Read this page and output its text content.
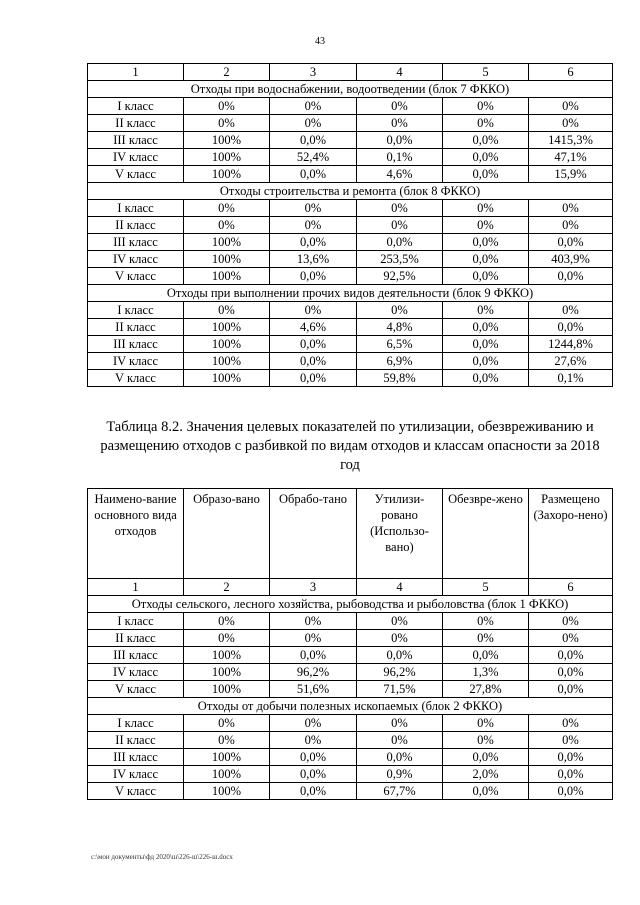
43
1	2	3	4	5	6
Отходы при водоснабжении, водоотведении (блок 7 ФККО)					
I класс	0%	0%	0%	0%	0%
II класс	0%	0%	0%	0%	0%
III класс	100%	0,0%	0,0%	0,0%	1415,3%
IV класс	100%	52,4%	0,1%	0,0%	47,1%
V класс	100%	0,0%	4,6%	0,0%	15,9%
Отходы строительства и ремонта (блок 8 ФККО)					
I класс	0%	0%	0%	0%	0%
II класс	0%	0%	0%	0%	0%
III класс	100%	0,0%	0,0%	0,0%	0,0%
IV класс	100%	13,6%	253,5%	0,0%	403,9%
V класс	100%	0,0%	92,5%	0,0%	0,0%
Отходы при выполнении прочих видов деятельности (блок 9 ФККО)					
I класс	0%	0%	0%	0%	0%
II класс	100%	4,6%	4,8%	0,0%	0,0%
III класс	100%	0,0%	6,5%	0,0%	1244,8%
IV класс	100%	0,0%	6,9%	0,0%	27,6%
V класс	100%	0,0%	59,8%	0,0%	0,1%
Таблица 8.2. Значения целевых показателей по утилизации, обезвреживанию и размещению отходов с разбивкой по видам отходов и классам опасности за 2018 год
Наимено-вание основного вида отходов	Образо-вано	Обрабо-тано	Утилизи-ровано (Использо-вано)	Обезвре-жено	Размещено (Захоро-нено)
1	2	3	4	5	6
Отходы сельского, лесного хозяйства, рыбоводства и рыболовства (блок 1 ФККО)					
I класс	0%	0%	0%	0%	0%
II класс	0%	0%	0%	0%	0%
III класс	100%	0,0%	0,0%	0,0%	0,0%
IV класс	100%	96,2%	96,2%	1,3%	0,0%
V класс	100%	51,6%	71,5%	27,8%	0,0%
Отходы от добычи полезных ископаемых (блок 2 ФККО)					
I класс	0%	0%	0%	0%	0%
II класс	0%	0%	0%	0%	0%
III класс	100%	0,0%	0,0%	0,0%	0,0%
IV класс	100%	0,0%	0,9%	2,0%	0,0%
V класс	100%	0,0%	67,7%	0,0%	0,0%
c:\мои документы\фд 2020\ш\226-ш\226-ш.docx
